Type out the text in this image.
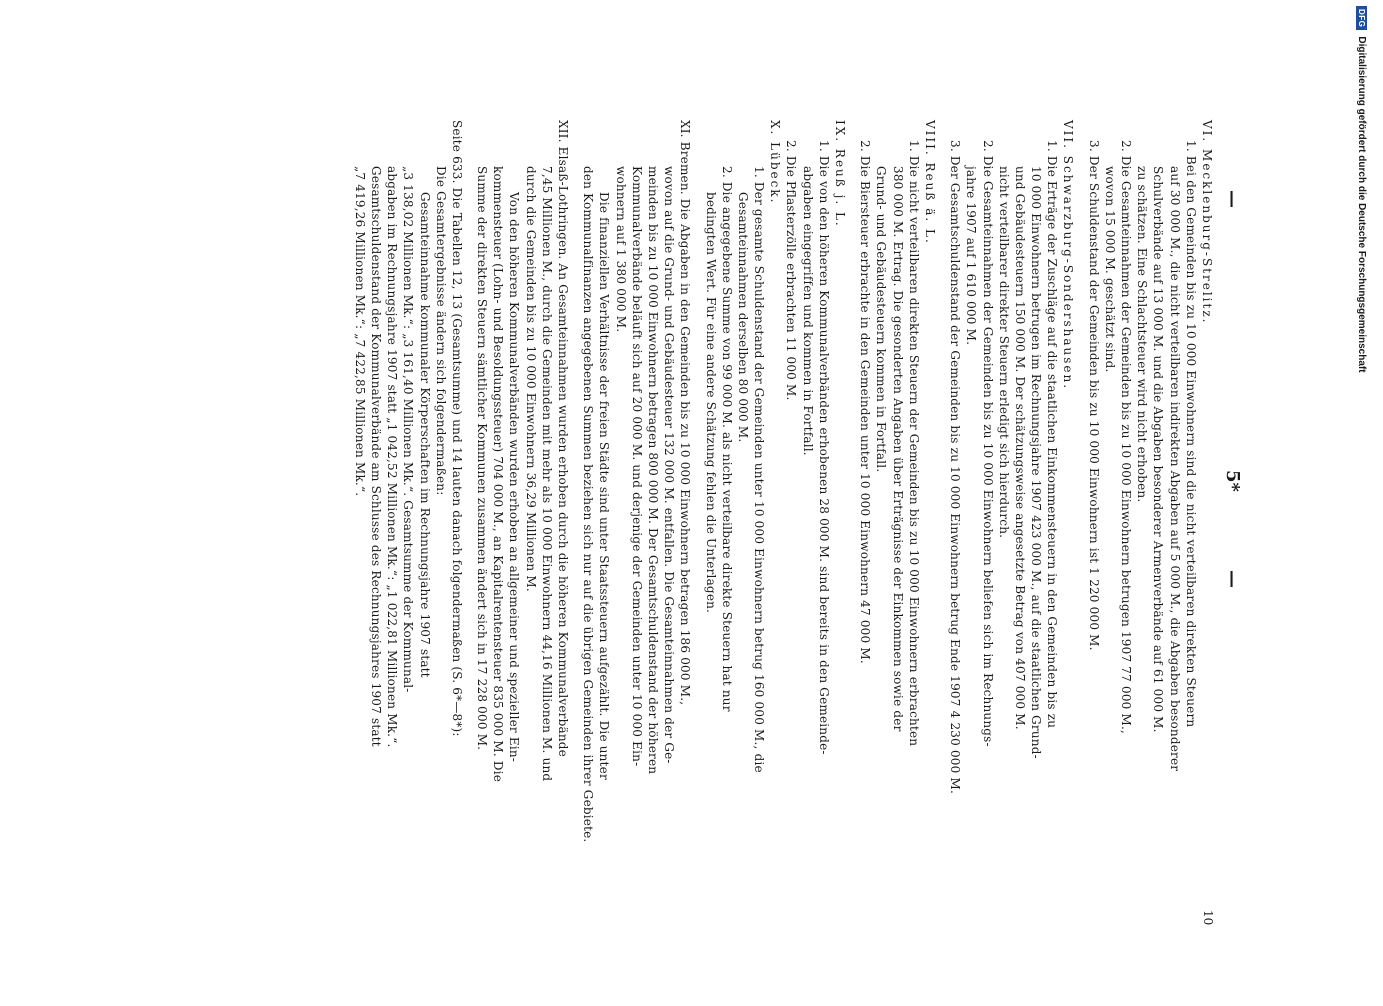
—
5*
—
VI. Mecklenburg-Strelitz.
1. Bei den Gemeinden bis zu 10 000 Einwohnern sind die nicht verteilbaren direkten Steuern
auf 30 000 M., die nicht verteilbaren indirekten Abgaben auf 5 000 M., die Abgaben besonderer
Schulverbände auf 13 000 M. und die Abgaben besonderer Armenverbände auf 61 000 M.
zu schätzen. Eine Schlachtsteuer wird nicht erhoben.
2. Die Gesamteinnahmen der Gemeinden bis zu 10 000 Einwohnern betrugen 1907 77 000 M.,
wovon 15 000 M. geschätzt sind.
3. Der Schuldenstand der Gemeinden bis zu 10 000 Einwohnern ist 1 220 000 M.
VII. Schwarzburg-Sondershausen.
1. Die Erträge der Zuschläge auf die staatlichen Einkommensteuern in den Gemeinden bis zu
10 000 Einwohnern betrugen im Rechnungsjahre 1907 423 000 M., auf die staatlichen Grund-
und Gebäudesteuern 150 000 M. Der schätzungsweise angesetzte Betrag von 407 000 M.
nicht verteilbarer direkter Steuern erledigt sich hierdurch.
2. Die Gesamteinnahmen der Gemeinden bis zu 10 000 Einwohnern beliefen sich im Rechnungs-
jahre 1907 auf 1 610 000 M.
3. Der Gesamtschuldenstand der Gemeinden bis zu 10 000 Einwohnern betrug Ende 1907 4 230 000 M.
VIII. Reuß ä. L.
1. Die nicht verteilbaren direkten Steuern der Gemeinden bis zu 10 000 Einwohnern erbrachten
380 000 M. Ertrag. Die gesonderten Angaben über Erträgnisse der Einkommen sowie der
Grund- und Gebäudesteuern kommen in Fortfall.
2. Die Biersteuer erbrachte in den Gemeinden unter 10 000 Einwohnern 47 000 M.
IX. Reuß j. L.
1. Die von den höheren Kommunalverbänden erhobenen 28 000 M. sind bereits in den Gemeinde-
abgaben eingegriffen und kommen in Fortfall.
2. Die Pflasterzölle erbrachten 11 000 M.
X. Lübeck.
1. Der gesamte Schuldenstand der Gemeinden unter 10 000 Einwohnern betrug 160 000 M., die
Gesamteinnahmen derselben 80 000 M.
2. Die angegebene Summe von 99 000 M. als nicht verteilbare direkte Steuern hat nur
bedingten Wert. Für eine andere Schätzung fehlen die Unterlagen.
XI. Bremen. Die Abgaben in den Gemeinden bis zu 10 000 Einwohnern betragen 186 000 M.,
wovon auf die Grund- und Gebäudesteuer 132 000 M. entfallen. Die Gesamteinnahmen der Ge-
meinden bis zu 10 000 Einwohnern betragen 800 000 M. Der Gesamtschuldenstand der höheren
Kommunalverbände beläuft sich auf 20 000 M. und derjenige der Gemeinden unter 10 000 Ein-
wohnern auf 1 380 000 M.
Die finanziellen Verhältnisse der freien Städte sind unter Staatssteuern aufgezählt. Die unter
den Kommunalfinanzen angegebenen Summen beziehen sich nur auf die übrigen Gemeinden ihrer Gebiete.
XII. Elsaß-Lothringen. An Gesamteinnahmen wurden erhoben durch die höheren Kommunalverbände
7,45 Millionen M., durch die Gemeinden mit mehr als 10 000 Einwohnern 44,16 Millionen M. und
durch die Gemeinden bis zu 10 000 Einwohnern 36,29 Millionen M.
Von den höheren Kommunalverbänden wurden erhoben an allgemeiner und spezieller Ein-
kommensteuer (Lohn- und Besoldungssteuer) 704 000 M., an Kapitalrentensteuer 835 000 M. Die
Summe der direkten Steuern sämtlicher Kommunen zusammen ändert sich in 17 228 000 M.
Seite 633. Die Tabellen 12, 13 (Gesamtsumme) und 14 lauten danach folgendermaßen (S. 6*—8*):
Die Gesamtergebnisse ändern sich folgendermaßen:
Gesamteinnahme kommunaler Körperschaften im Rechnungsjahre 1907 statt
„3 138,02 Millionen Mk.“: „3 161,40 Millionen Mk.“. Gesamtsumme der Kommunal-
abgaben im Rechnungsjahre 1907 statt „1 042,52 Millionen Mk.“: „1 022,81 Millionen Mk.“.
Gesamtschuldenstand der Kommunalverbände am Schlusse des Rechnungsjahres 1907 statt
„7 419,26 Millionen Mk.“: „7 422,85 Millionen Mk.“.
10
DFG
Digitalisierung gefördert durch die Deutsche Forschungsgemeinschaft
